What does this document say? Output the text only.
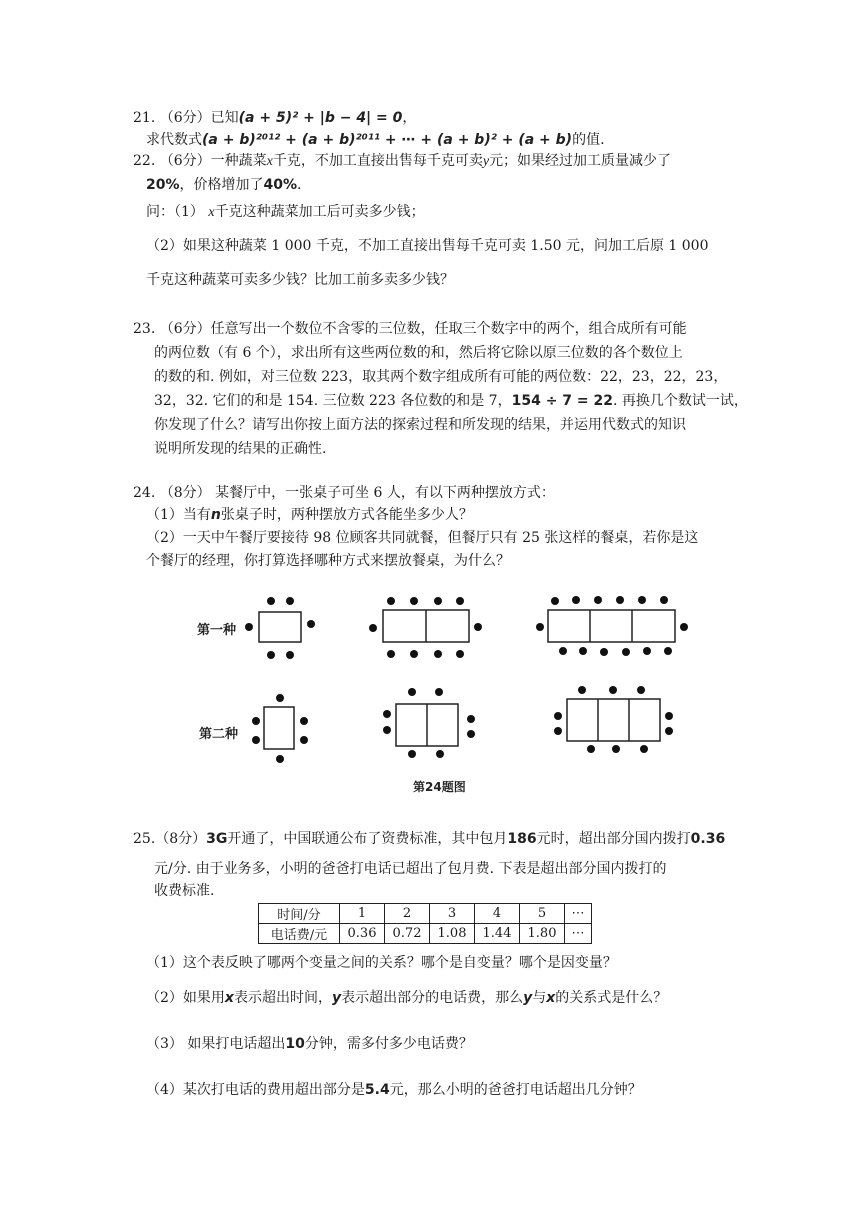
21. （6分）已知(a + 5)² + |b − 4| = 0，
求代数式(a + b)²⁰¹² + (a + b)²⁰¹¹ + ⋯ + (a + b)² + (a + b)的值.
22. （6分）一种蔬菜x千克，不加工直接出售每千克可卖y元；如果经过加工质量减少了
20%，价格增加了40%.
问：（1） x千克这种蔬菜加工后可卖多少钱；
（2）如果这种蔬菜 1 000 千克，不加工直接出售每千克可卖 1.50 元，问加工后原 1 000
千克这种蔬菜可卖多少钱？比加工前多卖多少钱？
23. （6分）任意写出一个数位不含零的三位数，任取三个数字中的两个，组合成所有可能
的两位数（有 6 个），求出所有这些两位数的和，然后将它除以原三位数的各个数位上
的数的和. 例如，对三位数 223，取其两个数字组成所有可能的两位数：22，23，22，23，
32，32. 它们的和是 154. 三位数 223 各位数的和是 7，154 ÷ 7 = 22. 再换几个数试一试，
你发现了什么？请写出你按上面方法的探索过程和所发现的结果，并运用代数式的知识
说明所发现的结果的正确性.
24. （8分） 某餐厅中，一张桌子可坐 6 人，有以下两种摆放方式：
（1）当有n张桌子时，两种摆放方式各能坐多少人？
（2）一天中午餐厅要接待 98 位顾客共同就餐，但餐厅只有 25 张这样的餐桌，若你是这
个餐厅的经理，你打算选择哪种方式来摆放餐桌，为什么？
第一种
第二种
第24题图
25.（8分）3G开通了，中国联通公布了资费标准，其中包月186元时，超出部分国内拨打0.36
元/分. 由于业务多，小明的爸爸打电话已超出了包月费. 下表是超出部分国内拨打的
收费标准.
时间/分	1	2	3	4	5	⋯
电话费/元	0.36	0.72	1.08	1.44	1.80	⋯
（1）这个表反映了哪两个变量之间的关系？哪个是自变量？哪个是因变量？
（2）如果用x表示超出时间，y表示超出部分的电话费，那么y与x的关系式是什么？
（3） 如果打电话超出10分钟，需多付多少电话费？
（4）某次打电话的费用超出部分是5.4元，那么小明的爸爸打电话超出几分钟？
